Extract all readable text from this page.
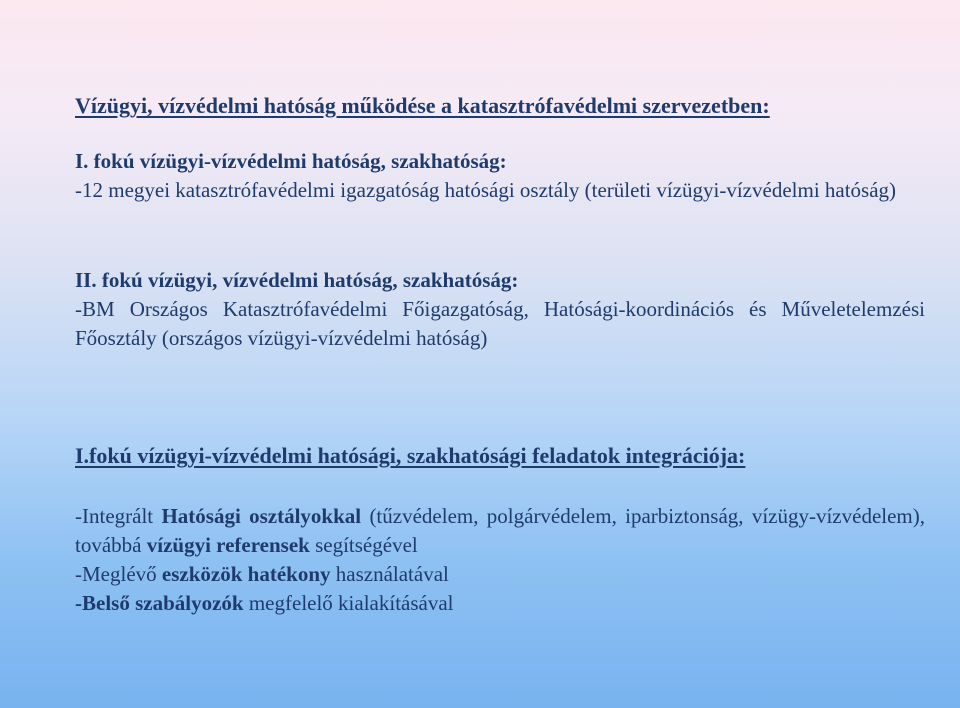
Vízügyi, vízvédelmi hatóság működése a katasztrófavédelmi szervezetben:

I. fokú vízügyi-vízvédelmi hatóság, szakhatóság:

-12 megyei katasztrófavédelmi igazgatóság hatósági osztály (területi vízügyi-vízvédelmi hatóság)

II. fokú vízügyi, vízvédelmi hatóság, szakhatóság:

-BM Országos Katasztrófavédelmi Főigazgatóság, Hatósági-koordinációs és Műveletelemzési Főosztály (országos vízügyi-vízvédelmi hatóság)

I.fokú vízügyi-vízvédelmi hatósági, szakhatósági feladatok integrációja:

-Integrált Hatósági osztályokkal (tűzvédelem, polgárvédelem, iparbiztonság, vízügy-vízvédelem), továbbá vízügyi referensek segítségével

-Meglévő eszközök hatékony használatával

-Belső szabályozók megfelelő kialakításával
